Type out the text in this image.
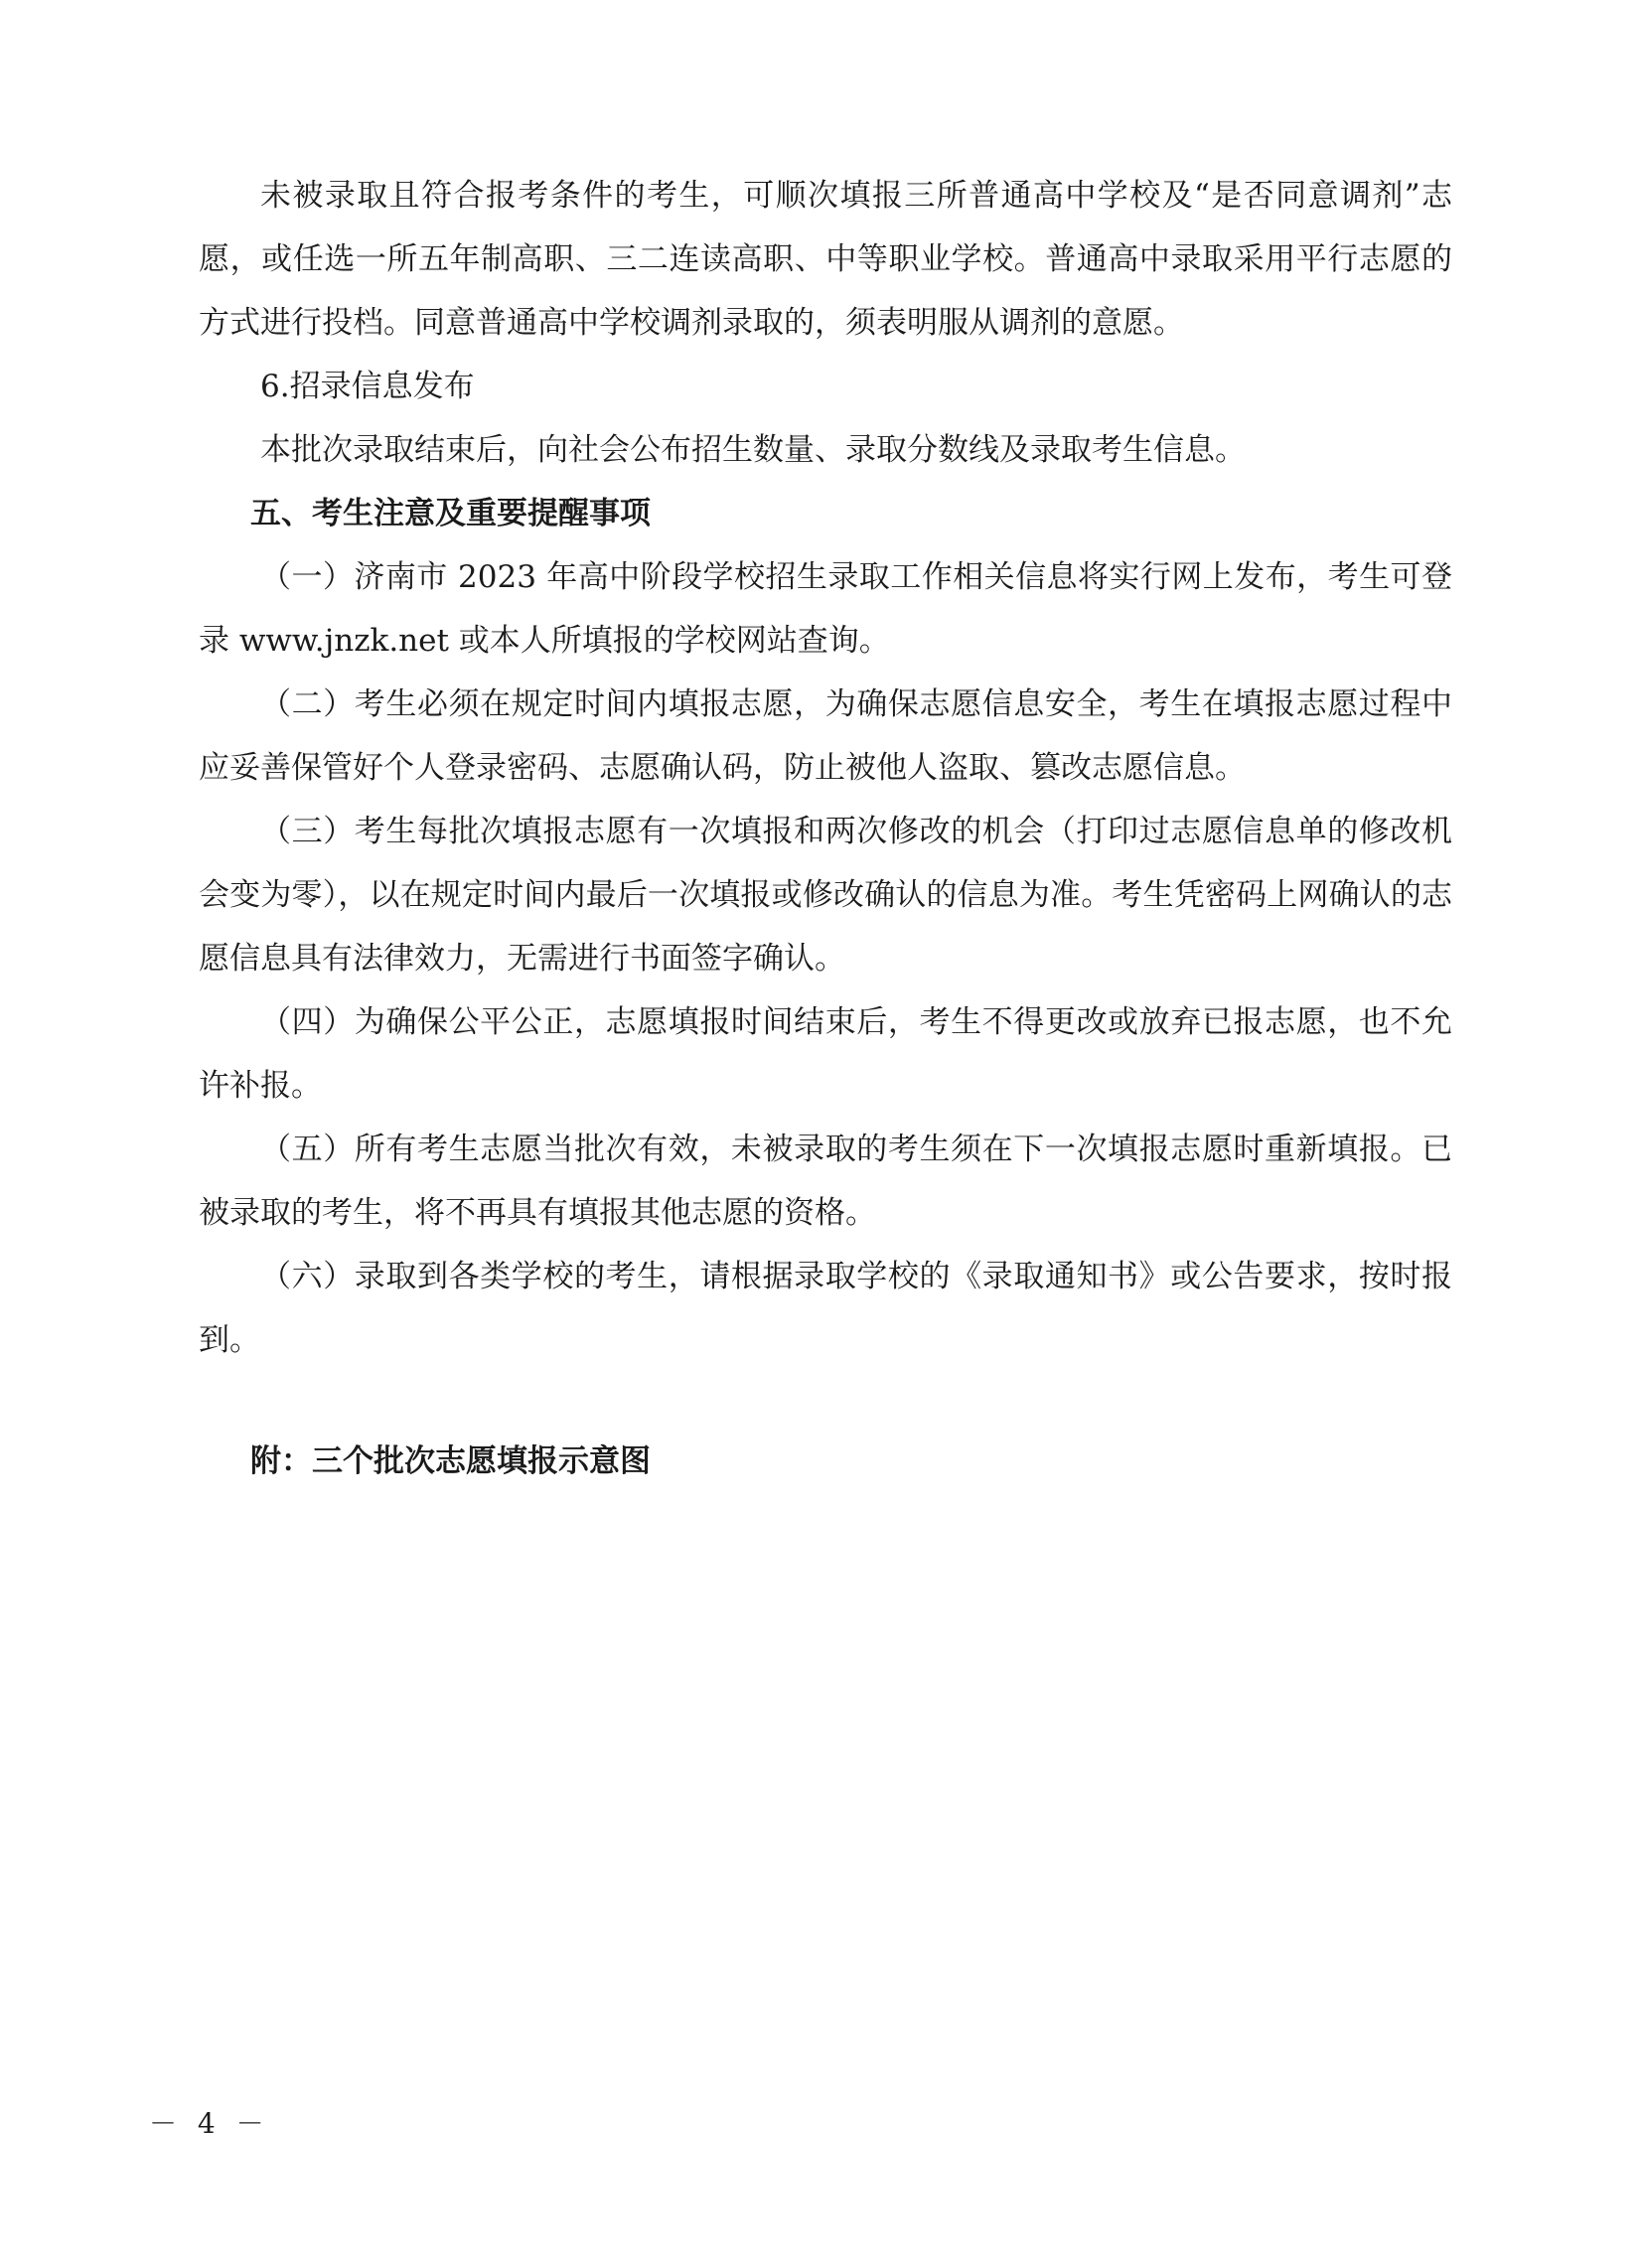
未被录取且符合报考条件的考生，可顺次填报三所普通高中学校及“是否同意调剂”志愿，或任选一所五年制高职、三二连读高职、中等职业学校。普通高中录取采用平行志愿的方式进行投档。同意普通高中学校调剂录取的，须表明服从调剂的意愿。

6.招录信息发布

本批次录取结束后，向社会公布招生数量、录取分数线及录取考生信息。

五、考生注意及重要提醒事项

（一）济南市 2023 年高中阶段学校招生录取工作相关信息将实行网上发布，考生可登录 www.jnzk.net 或本人所填报的学校网站查询。

（二）考生必须在规定时间内填报志愿，为确保志愿信息安全，考生在填报志愿过程中应妥善保管好个人登录密码、志愿确认码，防止被他人盗取、篡改志愿信息。

（三）考生每批次填报志愿有一次填报和两次修改的机会（打印过志愿信息单的修改机会变为零），以在规定时间内最后一次填报或修改确认的信息为准。考生凭密码上网确认的志愿信息具有法律效力，无需进行书面签字确认。

（四）为确保公平公正，志愿填报时间结束后，考生不得更改或放弃已报志愿，也不允许补报。

（五）所有考生志愿当批次有效，未被录取的考生须在下一次填报志愿时重新填报。已被录取的考生，将不再具有填报其他志愿的资格。

（六）录取到各类学校的考生，请根据录取学校的《录取通知书》或公告要求，按时报到。

附：三个批次志愿填报示意图

－ 4 －
